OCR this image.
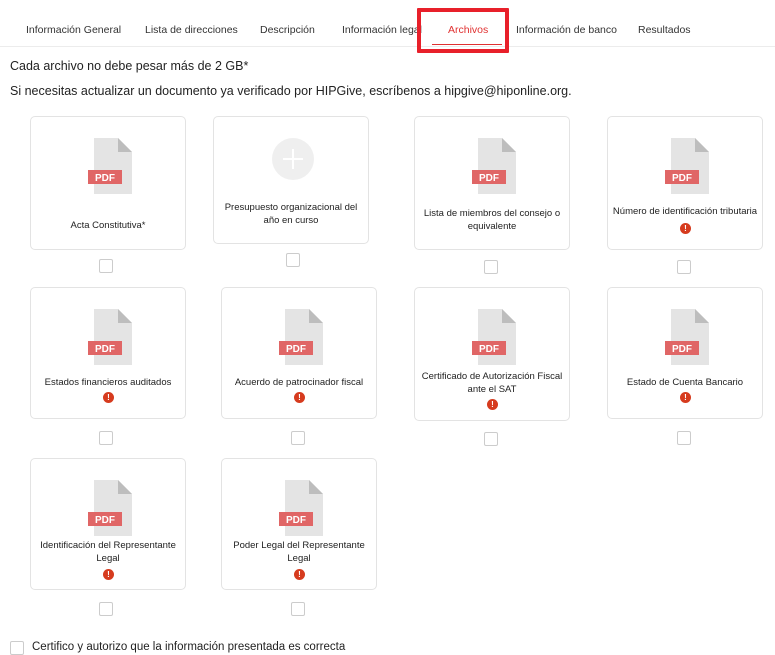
Información General Lista de direcciones Descripción	Información legal Archivos	Información de banco Resultados
Cada archivo no debe pesar más de 2 GB*
Si necesitas actualizar un documento ya verificado por HIPGive, escríbenos a hipgive@hiponline.org.
PDF
Acta Constitutiva*
Presupuesto organizacional del año en curso
PDF
Lista de miembros del consejo o equivalente
PDF
Número de identificación tributaria
!
PDF
Estados financieros auditados
!
PDF
Acuerdo de patrocinador fiscal
!
PDF
Certificado de Autorización Fiscal ante el SAT
!
PDF
Estado de Cuenta Bancario
!
PDF
Identificación del Representante Legal
!
PDF
Poder Legal del Representante Legal
!
Certifico y autorizo que la información presentada es correcta
